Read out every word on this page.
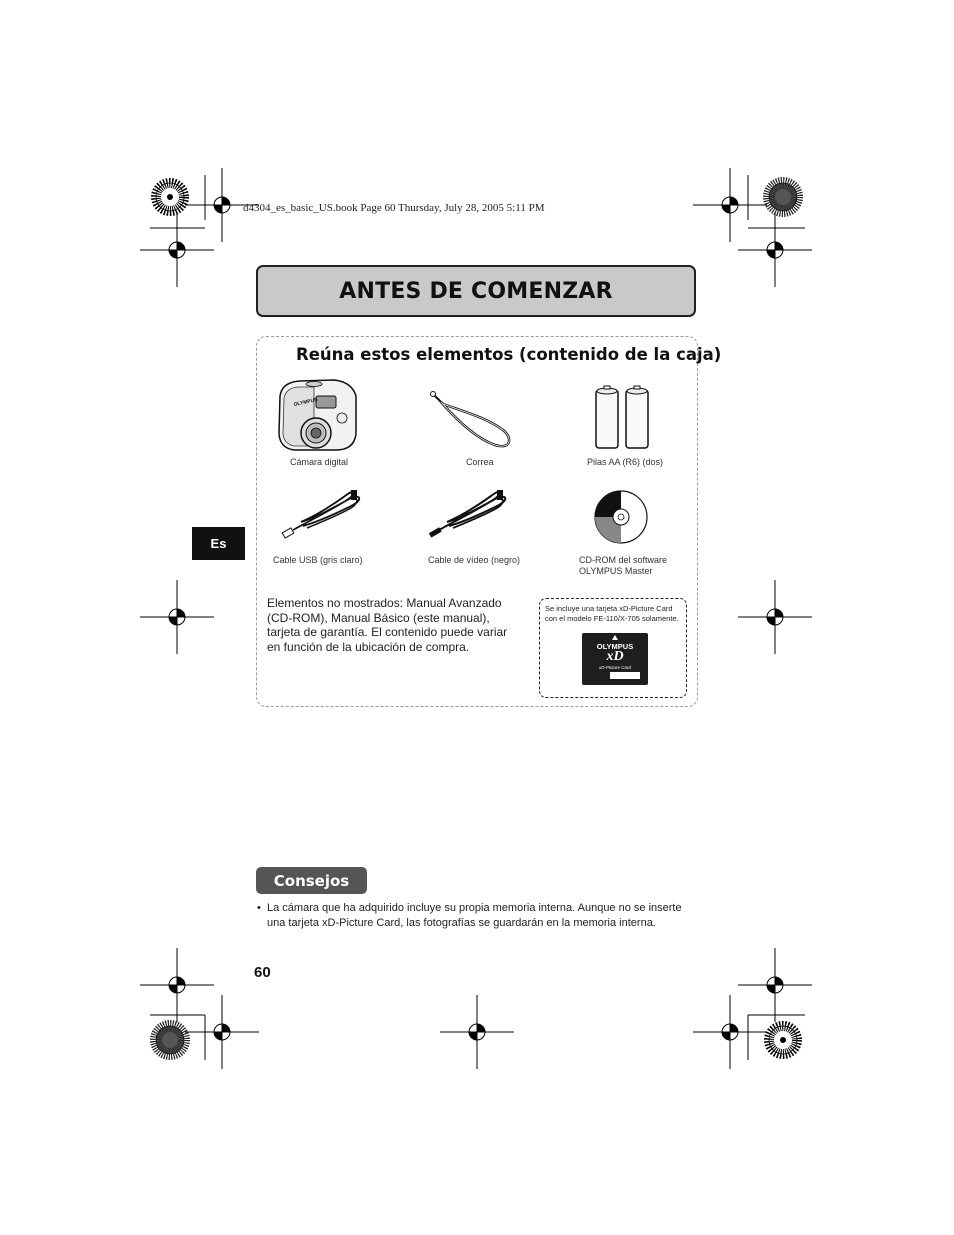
d4304_es_basic_US.book Page 60 Thursday, July 28, 2005 5:11 PM
ANTES DE COMENZAR
Reúna estos elementos (contenido de la caja)
Es
OLYMPUS
Cámara digital	Correa	Pilas AA (R6) (dos)
Cable USB (gris claro)	Cable de vídeo (negro)	CD-ROM del software
OLYMPUS Master
Elementos no mostrados: Manual Avanzado (CD-ROM), Manual Básico (este manual), tarjeta de garantía. El contenido puede variar en función de la ubicación de compra.
Se incluye una tarjeta xD-Picture Card con el modelo FE-110/X-705 solamente.
OLYMPUS
xD
xD-Picture Card
Consejos
• La cámara que ha adquirido incluye su propia memoria interna. Aunque no se inserte una tarjeta xD-Picture Card, las fotografías se guardarán en la memoria interna.
60
